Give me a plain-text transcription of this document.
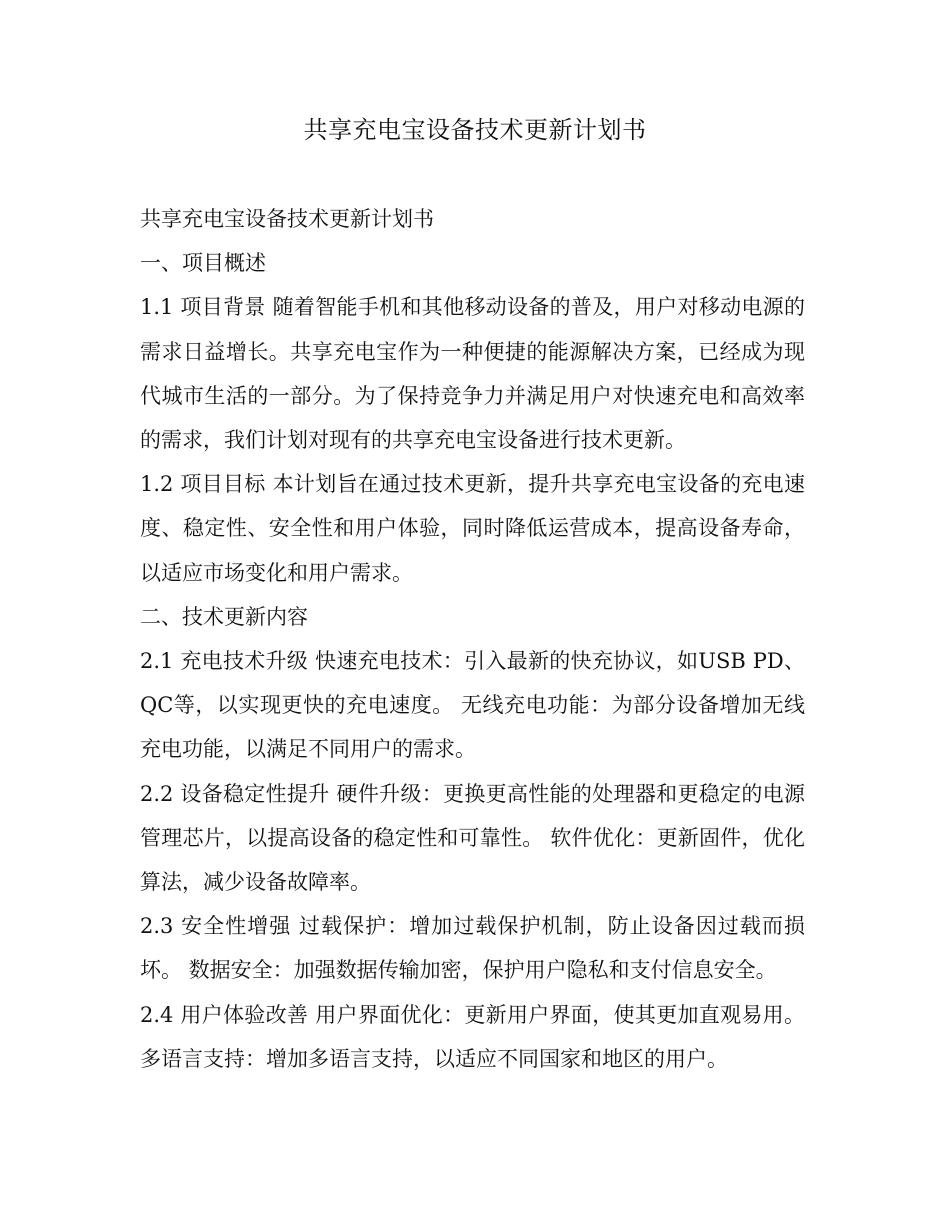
共享充电宝设备技术更新计划书

共享充电宝设备技术更新计划书

一、项目概述

1.1 项目背景 随着智能手机和其他移动设备的普及，用户对移动电源的需求日益增长。共享充电宝作为一种便捷的能源解决方案，已经成为现代城市生活的一部分。为了保持竞争力并满足用户对快速充电和高效率的需求，我们计划对现有的共享充电宝设备进行技术更新。

1.2 项目目标 本计划旨在通过技术更新，提升共享充电宝设备的充电速度、稳定性、安全性和用户体验，同时降低运营成本，提高设备寿命，以适应市场变化和用户需求。

二、技术更新内容

2.1 充电技术升级 快速充电技术：引入最新的快充协议，如USB PD、QC等，以实现更快的充电速度。 无线充电功能：为部分设备增加无线充电功能，以满足不同用户的需求。

2.2 设备稳定性提升 硬件升级：更换更高性能的处理器和更稳定的电源管理芯片，以提高设备的稳定性和可靠性。 软件优化：更新固件，优化算法，减少设备故障率。

2.3 安全性增强 过载保护：增加过载保护机制，防止设备因过载而损坏。 数据安全：加强数据传输加密，保护用户隐私和支付信息安全。

2.4 用户体验改善 用户界面优化：更新用户界面，使其更加直观易用。 多语言支持：增加多语言支持，以适应不同国家和地区的用户。
